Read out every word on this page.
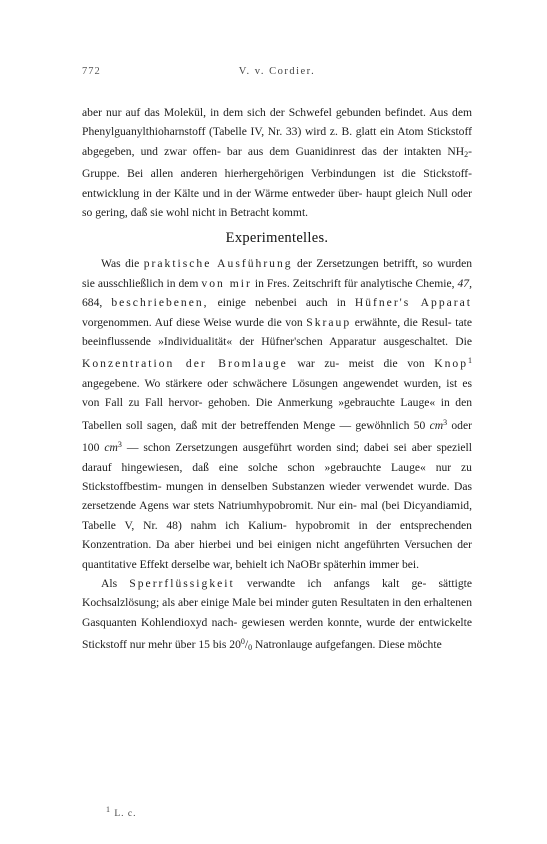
772	V. v. Cordier.

aber nur auf das Molekül, in dem sich der Schwefel gebunden befindet. Aus dem Phenylguanylthioharnstoff (Tabelle IV, Nr. 33) wird z. B. glatt ein Atom Stickstoff abgegeben, und zwar offen- bar aus dem Guanidinrest das der intakten $NH_2$-Gruppe. Bei allen anderen hierhergehörigen Verbindungen ist die Stickstoff- entwicklung in der Kälte und in der Wärme entweder über- haupt gleich Null oder so gering, daß sie wohl nicht in Betracht kommt.

Experimentelles.

Was die praktische Ausführung der Zersetzungen betrifft, so wurden sie ausschließlich in dem von mir in Fres. Zeitschrift für analytische Chemie, 47, 684, beschriebenen, einige nebenbei auch in Hüfner's Apparat vorgenommen. Auf diese Weise wurde die von Skraup erwähnte, die Resul- tate beeinflussende »Individualität« der Hüfner'schen Apparatur ausgeschaltet. Die Konzentration der Bromlauge war zu- meist die von Knop$^1$ angegebene. Wo stärkere oder schwächere Lösungen angewendet wurden, ist es von Fall zu Fall hervor- gehoben. Die Anmerkung »gebrauchte Lauge« in den Tabellen soll sagen, daß mit der betreffenden Menge — gewöhnlich 50 $cm^3$ oder 100 $cm^3$ — schon Zersetzungen ausgeführt worden sind; dabei sei aber speziell darauf hingewiesen, daß eine solche schon »gebrauchte Lauge« nur zu Stickstoffbestim- mungen in denselben Substanzen wieder verwendet wurde. Das zersetzende Agens war stets Natriumhypobromit. Nur ein- mal (bei Dicyandiamid, Tabelle V, Nr. 48) nahm ich Kalium- hypobromit in der entsprechenden Konzentration. Da aber hierbei und bei einigen nicht angeführten Versuchen der quantitative Effekt derselbe war, behielt ich NaOBr späterhin immer bei.

Als Sperrflüssigkeit verwandte ich anfangs kalt ge- sättigte Kochsalzlösung; als aber einige Male bei minder guten Resultaten in den erhaltenen Gasquanten Kohlendioxyd nach- gewiesen werden konnte, wurde der entwickelte Stickstoff nur mehr über 15 bis $20^0/_0$ Natronlauge aufgefangen. Diese möchte

$^1$ L. c.
